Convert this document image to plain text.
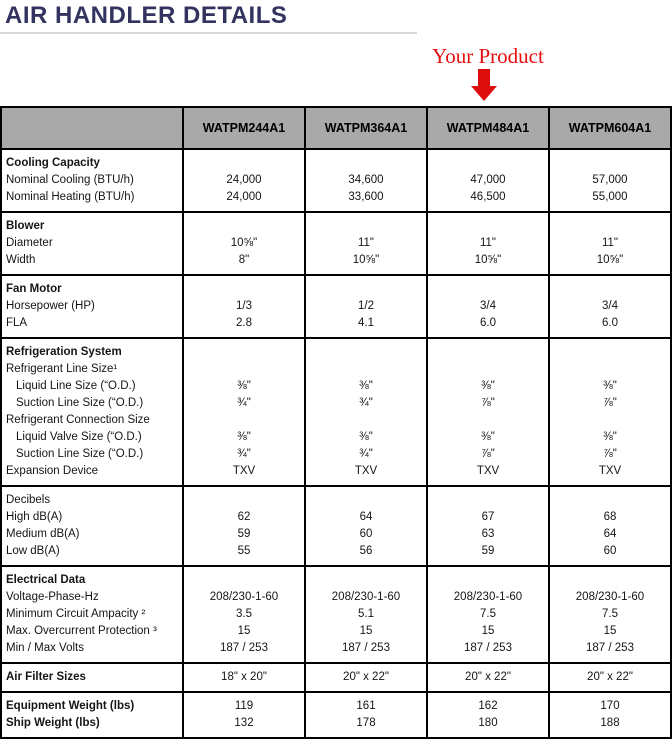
AIR HANDLER DETAILS
Your Product
	WATPM244A1	WATPM364A1	WATPM484A1	WATPM604A1
Cooling Capacity				
Nominal Cooling (BTU/h)	24,000	34,600	47,000	57,000
Nominal Heating (BTU/h)	24,000	33,600	46,500	55,000
Blower				
Diameter	10⅝"	11"	11"	11"
Width	8"	10⅝"	10⅝"	10⅝"
Fan Motor				
Horsepower (HP)	1/3	1/2	3/4	3/4
FLA	2.8	4.1	6.0	6.0
Refrigeration System				
Refrigerant Line Size¹				
Liquid Line Size (“O.D.)	⅜"	⅜"	⅜"	⅜"
Suction Line Size (“O.D.)	¾"	¾"	⅞"	⅞"
Refrigerant Connection Size				
Liquid Valve Size (“O.D.)	⅜"	⅜"	⅜"	⅜"
Suction Line Size (“O.D.)	¾"	¾"	⅞"	⅞"
Expansion Device	TXV	TXV	TXV	TXV
Decibels				
High dB(A)	62	64	67	68
Medium dB(A)	59	60	63	64
Low dB(A)	55	56	59	60
Electrical Data				
Voltage-Phase-Hz	208/230-1-60	208/230-1-60	208/230-1-60	208/230-1-60
Minimum Circuit Ampacity ²	3.5	5.1	7.5	7.5
Max. Overcurrent Protection ³	15	15	15	15
Min / Max Volts	187 / 253	187 / 253	187 / 253	187 / 253
Air Filter Sizes	18" x 20"	20" x 22"	20" x 22"	20" x 22"
Equipment Weight (lbs)	119	161	162	170
Ship Weight (lbs)	132	178	180	188
